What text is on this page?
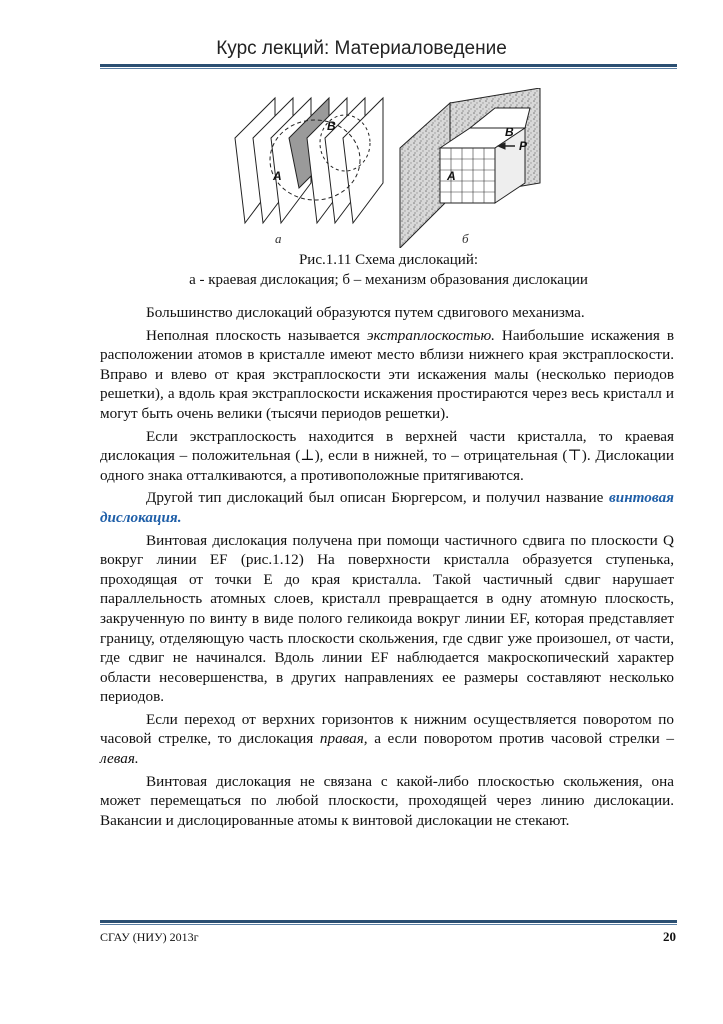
Курс лекций: Материаловедение
A
B
а
A
B
P
б
Рис.1.11 Схема дислокаций:
а - краевая дислокация; б – механизм образования дислокации

Большинство дислокаций образуются путем сдвигового механизма.

Неполная плоскость называется экстраплоскостью. Наибольшие искажения в расположении атомов в кристалле имеют место вблизи нижнего края экстраплоскости. Вправо и влево от края экстраплоскости эти искажения малы (несколько периодов решетки), а вдоль края экстраплоскости искажения простираются через весь кристалл и могут быть очень велики (тысячи периодов решетки).

Если экстраплоскость находится в верхней части кристалла, то краевая дислокация – положительная (⊥), если в нижней, то – отрицательная (⊤). Дислокации одного знака отталкиваются, а противоположные притягиваются.

Другой тип дислокаций был описан Бюргерсом, и получил название винтовая дислокация.

Винтовая дислокация получена при помощи частичного сдвига по плоскости Q вокруг линии EF (рис.1.12) На поверхности кристалла образуется ступенька, проходящая от точки Е до края кристалла. Такой частичный сдвиг нарушает параллельность атомных слоев, кристалл превращается в одну атомную плоскость, закрученную по винту в виде полого геликоида вокруг линии EF, которая представляет границу, отделяющую часть плоскости скольжения, где сдвиг уже произошел, от части, где сдвиг не начинался. Вдоль линии EF наблюдается макроскопический характер области несовершенства, в других направлениях ее размеры составляют несколько периодов.

Если переход от верхних горизонтов к нижним осуществляется поворотом по часовой стрелке, то дислокация правая, а если поворотом против часовой стрелки – левая.

Винтовая дислокация не связана с какой-либо плоскостью скольжения, она может перемещаться по любой плоскости, проходящей через линию дислокации. Вакансии и дислоцированные атомы к винтовой дислокации не стекают.

СГАУ (НИУ) 2013г	20
